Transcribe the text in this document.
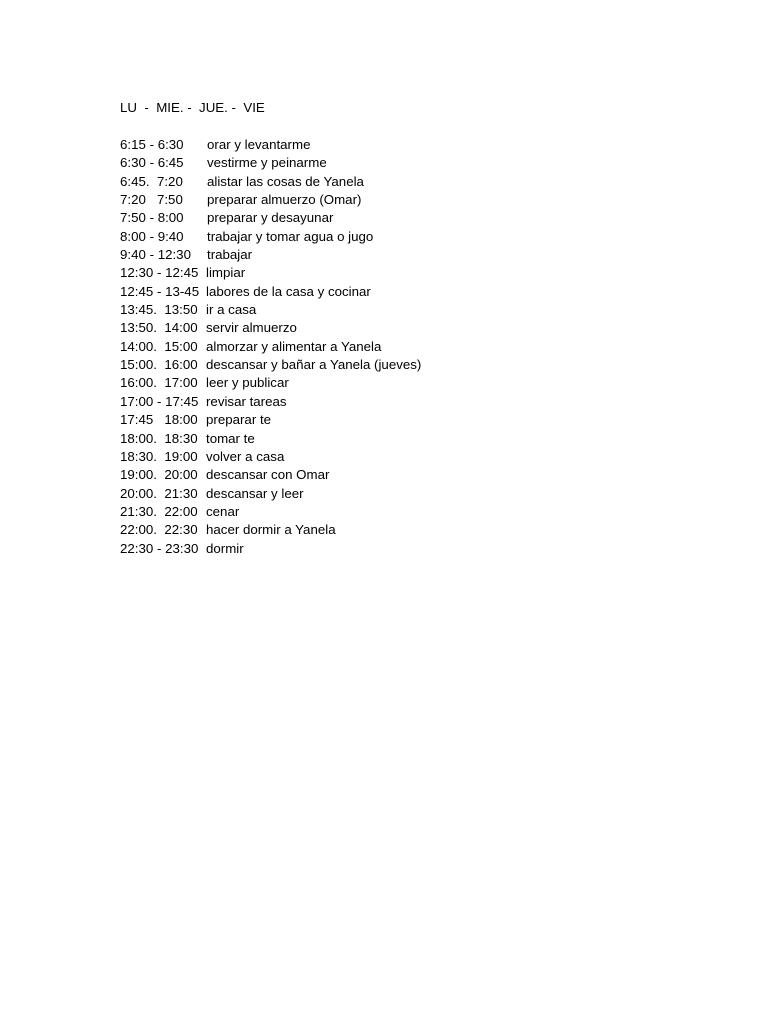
LU  -  MIE. -  JUE. -  VIE
6:15 - 6:30	orar y levantarme
6:30 - 6:45	vestirme y peinarme
6:45.  7:20	alistar las cosas de Yanela
7:20   7:50	preparar almuerzo (Omar)
7:50 - 8:00	preparar y desayunar
8:00 - 9:40	trabajar y tomar agua o jugo
9:40 - 12:30	trabajar
12:30 - 12:45 limpiar
12:45 - 13-45 labores de la casa y cocinar
13:45.  13:50 ir a casa
13:50.  14:00 servir almuerzo
14:00.  15:00 almorzar y alimentar a Yanela
15:00.  16:00 descansar y bañar a Yanela (jueves)
16:00.  17:00 leer y publicar
17:00 - 17:45 revisar tareas
17:45   18:00 preparar te
18:00.  18:30 tomar te
18:30.  19:00 volver a casa
19:00.  20:00 descansar con Omar
20:00.  21:30 descansar y leer
21:30.  22:00 cenar
22:00.  22:30 hacer dormir a Yanela
22:30 - 23:30 dormir
